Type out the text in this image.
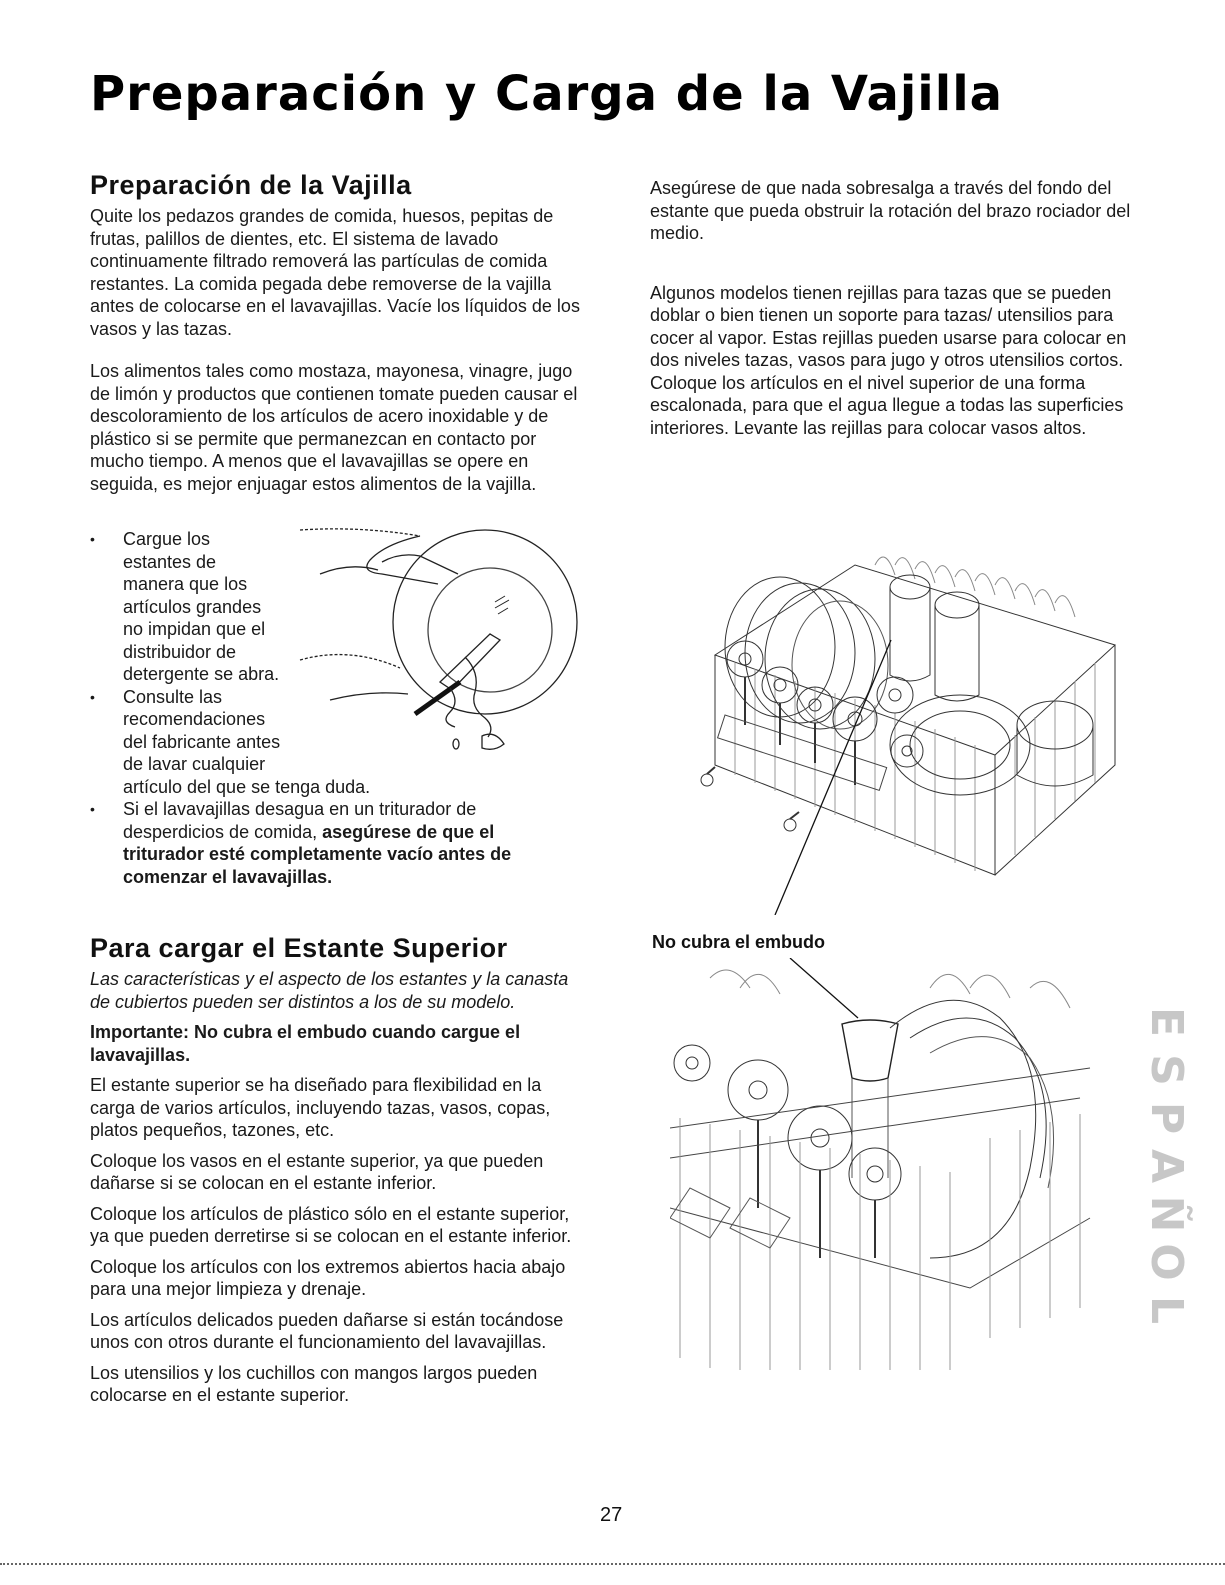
Preparación y Carga de la Vajilla
Preparación de la Vajilla

Quite los pedazos grandes de comida, huesos, pepitas de frutas, palillos de dientes, etc. El sistema de lavado continuamente filtrado removerá las partículas de comida restantes. La comida pegada debe removerse de la vajilla antes de colocarse en el lavavajillas. Vacíe los líquidos de los vasos y las tazas.

Los alimentos tales como mostaza, mayonesa, vinagre, jugo de limón y productos que contienen tomate pueden causar el descoloramiento de los artículos de acero inoxidable y de plástico si se permite que permanezcan en contacto por mucho tiempo. A menos que el lavavajillas se opere en seguida, es mejor enjuagar estos alimentos de la vajilla.

• Cargue los
estantes de
manera que los
artículos grandes
no impidan que el
distribuidor de
detergente se abra.
• Consulte las
recomendaciones
del fabricante antes
de lavar cualquier
artículo del que se tenga duda.
• Si el lavavajillas desagua en un triturador de desperdicios de comida, asegúrese de que el triturador esté completamente vacío antes de comenzar el lavavajillas.

Asegúrese de que nada sobresalga a través del fondo del estante que pueda obstruir la rotación del brazo rociador del medio.

Algunos modelos tienen rejillas para tazas que se pueden doblar o bien tienen un soporte para tazas/ utensilios para cocer al vapor. Estas rejillas pueden usarse para colocar en dos niveles tazas, vasos para jugo y otros utensilios cortos. Coloque los artículos en el nivel superior de una forma escalonada, para que el agua llegue a todas las superficies interiores. Levante las rejillas para colocar vasos altos.

No cubra el embudo
Para cargar el Estante Superior

Las características y el aspecto de los estantes y la canasta de cubiertos pueden ser distintos a los de su modelo.

Importante: No cubra el embudo cuando cargue el lavavajillas.

El estante superior se ha diseñado para flexibilidad en la carga de varios artículos, incluyendo tazas, vasos, copas, platos pequeños, tazones, etc.

Coloque los vasos en el estante superior, ya que pueden dañarse si se colocan en el estante inferior.

Coloque los artículos de plástico sólo en el estante superior, ya que pueden derretirse si se colocan en el estante inferior.

Coloque los artículos con los extremos abiertos hacia abajo para una mejor limpieza y drenaje.

Los artículos delicados pueden dañarse si están tocándose unos con otros durante el funcionamiento del lavavajillas.

Los utensilios y los cuchillos con mangos largos pueden colocarse en el estante superior.

E
S
P
A
Ñ
O
L
27
